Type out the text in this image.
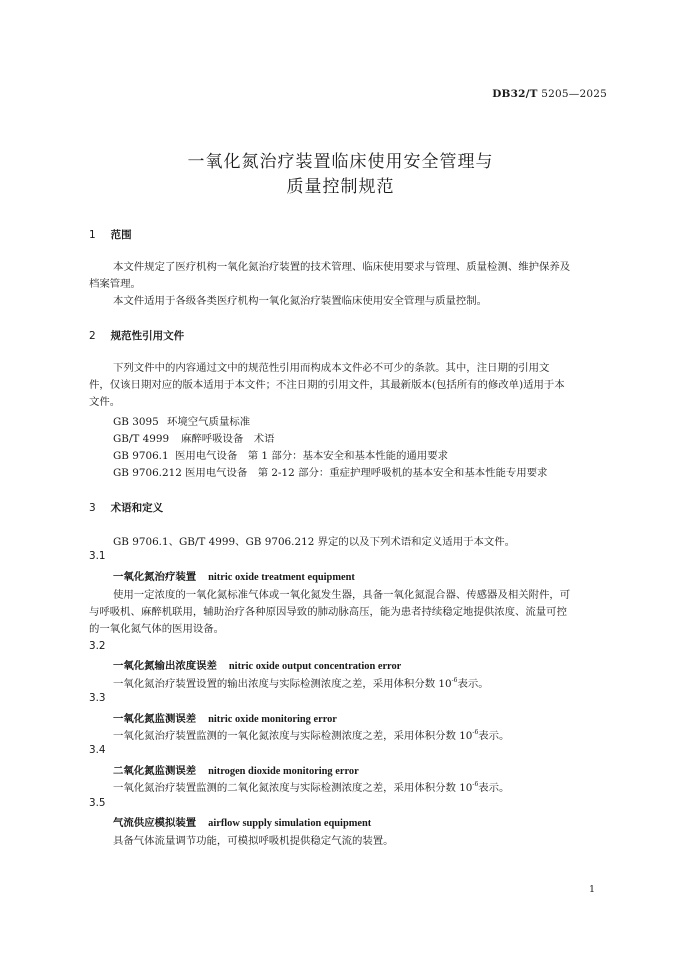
DB32/T 5205—2025
一氧化氮治疗装置临床使用安全管理与
质量控制规范
1 范围
本文件规定了医疗机构一氧化氮治疗装置的技术管理、临床使用要求与管理、质量检测、维护保养及
档案管理。
本文件适用于各级各类医疗机构一氧化氮治疗装置临床使用安全管理与质量控制。
2 规范性引用文件
下列文件中的内容通过文中的规范性引用而构成本文件必不可少的条款。其中，注日期的引用文
件，仅该日期对应的版本适用于本文件；不注日期的引用文件，其最新版本(包括所有的修改单)适用于本
文件。
GB 3095 环境空气质量标准
GB/T 4999 麻醉呼吸设备　术语
GB 9706.1 医用电气设备　第 1 部分：基本安全和基本性能的通用要求
GB 9706.212 医用电气设备　第 2-12 部分：重症护理呼吸机的基本安全和基本性能专用要求
3 术语和定义
GB 9706.1、GB/T 4999、GB 9706.212 界定的以及下列术语和定义适用于本文件。
3.1
一氧化氮治疗装置 nitric oxide treatment equipment
使用一定浓度的一氧化氮标准气体或一氧化氮发生器，具备一氧化氮混合器、传感器及相关附件，可
与呼吸机、麻醉机联用，辅助治疗各种原因导致的肺动脉高压，能为患者持续稳定地提供浓度、流量可控
的一氧化氮气体的医用设备。
3.2
一氧化氮输出浓度误差 nitric oxide output concentration error
一氧化氮治疗装置设置的输出浓度与实际检测浓度之差，采用体积分数 $10^{-6}$表示。
3.3
一氧化氮监测误差 nitric oxide monitoring error
一氧化氮治疗装置监测的一氧化氮浓度与实际检测浓度之差，采用体积分数 $10^{-6}$表示。
3.4
二氧化氮监测误差 nitrogen dioxide monitoring error
一氧化氮治疗装置监测的二氧化氮浓度与实际检测浓度之差，采用体积分数 $10^{-6}$表示。
3.5
气流供应模拟装置 airflow supply simulation equipment
具备气体流量调节功能，可模拟呼吸机提供稳定气流的装置。
1
